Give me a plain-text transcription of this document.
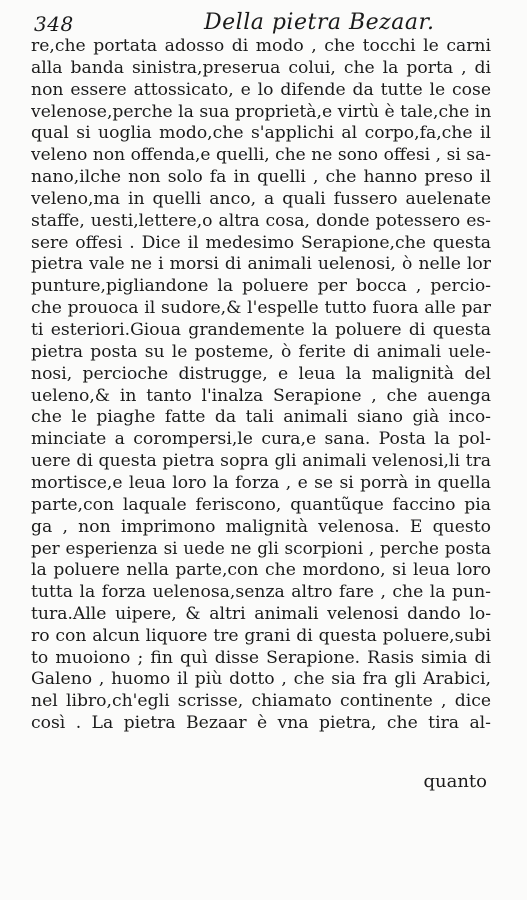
348	Della pietra Bezaar.
re,che portata adosso di modo , che tocchi le carni
alla banda sinistra,preserua colui, che la porta , di
non essere attossicato, e lo difende da tutte le cose
velenose,perche la sua proprietà,e virtù è tale,che in
qual si uoglia modo,che s'applichi al corpo,fa,che il
veleno non offenda,e quelli, che ne sono offesi , si sa-
nano,ilche non solo fa in quelli , che hanno preso il
veleno,ma in quelli anco, a quali fussero auelenate
staffe, uesti,lettere,o altra cosa, donde potessero es-
sere offesi . Dice il medesimo Serapione,che questa
pietra vale ne i morsi di animali uelenosi, ò nelle lor
punture,pigliandone la poluere per bocca , percio-
che prouoca il sudore,& l'espelle tutto fuora alle par
ti esteriori.Gioua grandemente la poluere di questa
pietra posta su le posteme, ò ferite di animali uele-
nosi, percioche distrugge, e leua la malignità del
ueleno,& in tanto l'inalza Serapione , che auenga
che le piaghe fatte da tali animali siano già inco-
minciate a corompersi,le cura,e sana. Posta la pol-
uere di questa pietra sopra gli animali velenosi,li tra
mortisce,e leua loro la forza , e se si porrà in quella
parte,con laquale feriscono, quantũque faccino pia
ga , non imprimono malignità velenosa. E questo
per esperienza si uede ne gli scorpioni , perche posta
la poluere nella parte,con che mordono, si leua loro
tutta la forza uelenosa,senza altro fare , che la pun-
tura.Alle uipere, & altri animali velenosi dando lo-
ro con alcun liquore tre grani di questa poluere,subi
to muoiono ; fin quì disse Serapione. Rasis simia di
Galeno , huomo il più dotto , che sia fra gli Arabici,
nel libro,ch'egli scrisse, chiamato continente , dice
così . La pietra Bezaar è vna pietra, che tira al-
quanto
